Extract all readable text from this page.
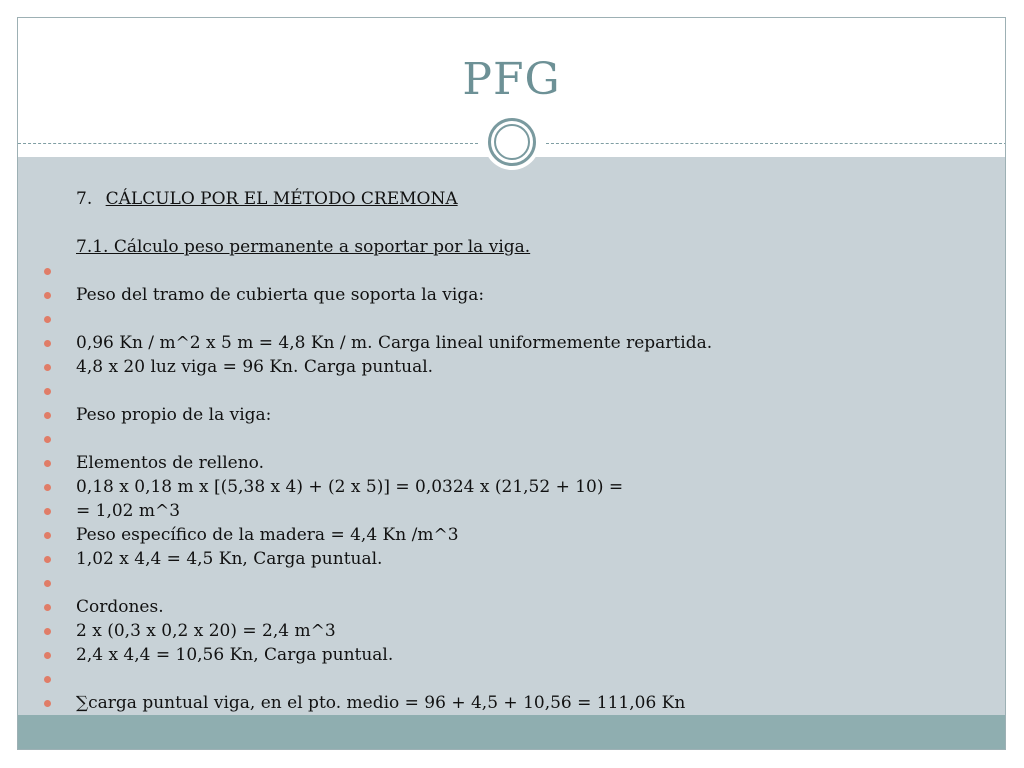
PFG
7. CÁLCULO POR EL MÉTODO CREMONA
7.1. Cálculo peso permanente a soportar por la viga.
Peso del tramo de cubierta que soporta la viga:
0,96 Kn / m^2 x 5 m = 4,8 Kn / m. Carga lineal uniformemente repartida.
4,8 x 20 luz viga = 96 Kn. Carga puntual.
Peso propio de la viga:
Elementos de relleno.
0,18 x 0,18 m x [(5,38 x 4) + (2 x 5)] = 0,0324 x (21,52 + 10) =
= 1,02 m^3
Peso específico de la madera = 4,4 Kn /m^3
1,02 x 4,4 = 4,5 Kn, Carga puntual.
Cordones.
2 x (0,3 x 0,2 x 20) = 2,4 m^3
2,4 x 4,4 = 10,56 Kn, Carga puntual.
∑carga puntual viga, en el pto. medio = 96 + 4,5 + 10,56 = 111,06 Kn
